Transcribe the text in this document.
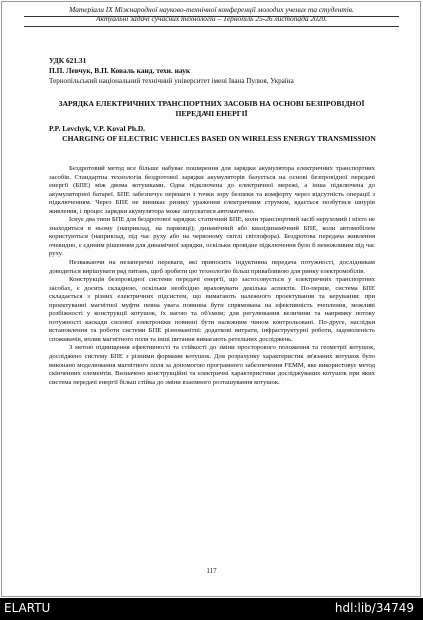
Матеріали ІХ Міжнародної науково-технічної конференції молодих учених та студентів.
Актуальні задачі сучасних технологій – Тернопіль 25-26 листопада 2020.
УДК 621.31
П.П. Левчук, В.П. Коваль канд. техн. наук
Тернопільський національний технічний університет імені Івана Пулюя, Україна
ЗАРЯДКА ЕЛЕКТРИЧНИХ ТРАНСПОРТНИХ ЗАСОБІВ НА ОСНОВІ БЕЗПРОВІДНОЇ ПЕРЕДАЧІ ЕНЕРГІЇ
P.P. Levchyk, V.P. Koval Ph.D.
CHARGING OF ELECTRIC VEHICLES BASED ON WIRELESS ENERGY TRANSMISSION

Бездротовий метод все більше набуває поширення для зарядки акумулятора електричних транспортних засобів. Стандартна технологія бездротової зарядки акумуляторів базується на основі безпровідної передачі енергії (БПЕ) між двома котушками. Одна підключена до електричної мережі, а інша підключена до акумуляторної батареї. БПЕ забезпечує переваги з точки зору безпеки та комфорту через відсутність операції з підключенням. Через БПЕ не виникає ризику ураження електричним струмом, вдається позбутися шнурів живлення, і процес зарядки акумулятора може запускатися автоматично.

Існує два типи БПЕ для бездротової зарядки: статичний БПЕ, коли транспортний засіб нерухомий і ніхто не знаходиться в ньому (наприклад, на парковці); динамічний або квазідинамічний БПЕ, коли автомобілем користуються (наприклад, під час руху або на червоному світлі світлофора). Бездротова передача живлення очевидно, є єдиним рішенням для динамічної зарядки, оскільки провідне підключення було б неможливим під час руху.

Незважаючи на незаперечні переваги, які приносить індуктивна передача потужності, дослідникам доводиться вирішувати ряд питань, щоб зробити цю технологію більш привабливою для ринку електромобілів.

Конструкція безпровідної системи передачі енергії, що застосовується у електричних транспортних засобах, є досить складною, оскільки необхідно враховувати декілька аспектів. По-перше, система БПЕ складається з різних електричних підсистем, що вимагають належного проектування та керування: при проектуванні магнітної муфти певна увага повинна бути спрямована на ефективність зчеплення, можливі розбіжності у конструкції котушок, їх вагою та об'ємом; для регулювання величини та напрямку потоку потужності каскади силової електроніки повинні бути належним чином контрольовані. По-друге, наслідки встановлення та роботи системи БПЕ різноманітні: додаткові витрати, інфраструктурні роботи, задоволеність споживачів, вплив магнітного поля та інші питання вимагають ретельних досліджень.

З метою підвищення ефективності та стійкості до зміни просторового положення та геометрії котушок, досліджено систему БПЕ з різними формами котушок. Для розрахунку характеристик зв'язаних котушок було виконано моделювання магнітного поля за допомогою програмного забезпечення FEMM, яке використовує метод скінченних елементів. Визначено конструкційні та електричні характеристики досліджуваних котушок при яких система передачі енергії більш стійка до зміни взаємного розташування котушок.

117
ELARTU	hdl:lib/34749
